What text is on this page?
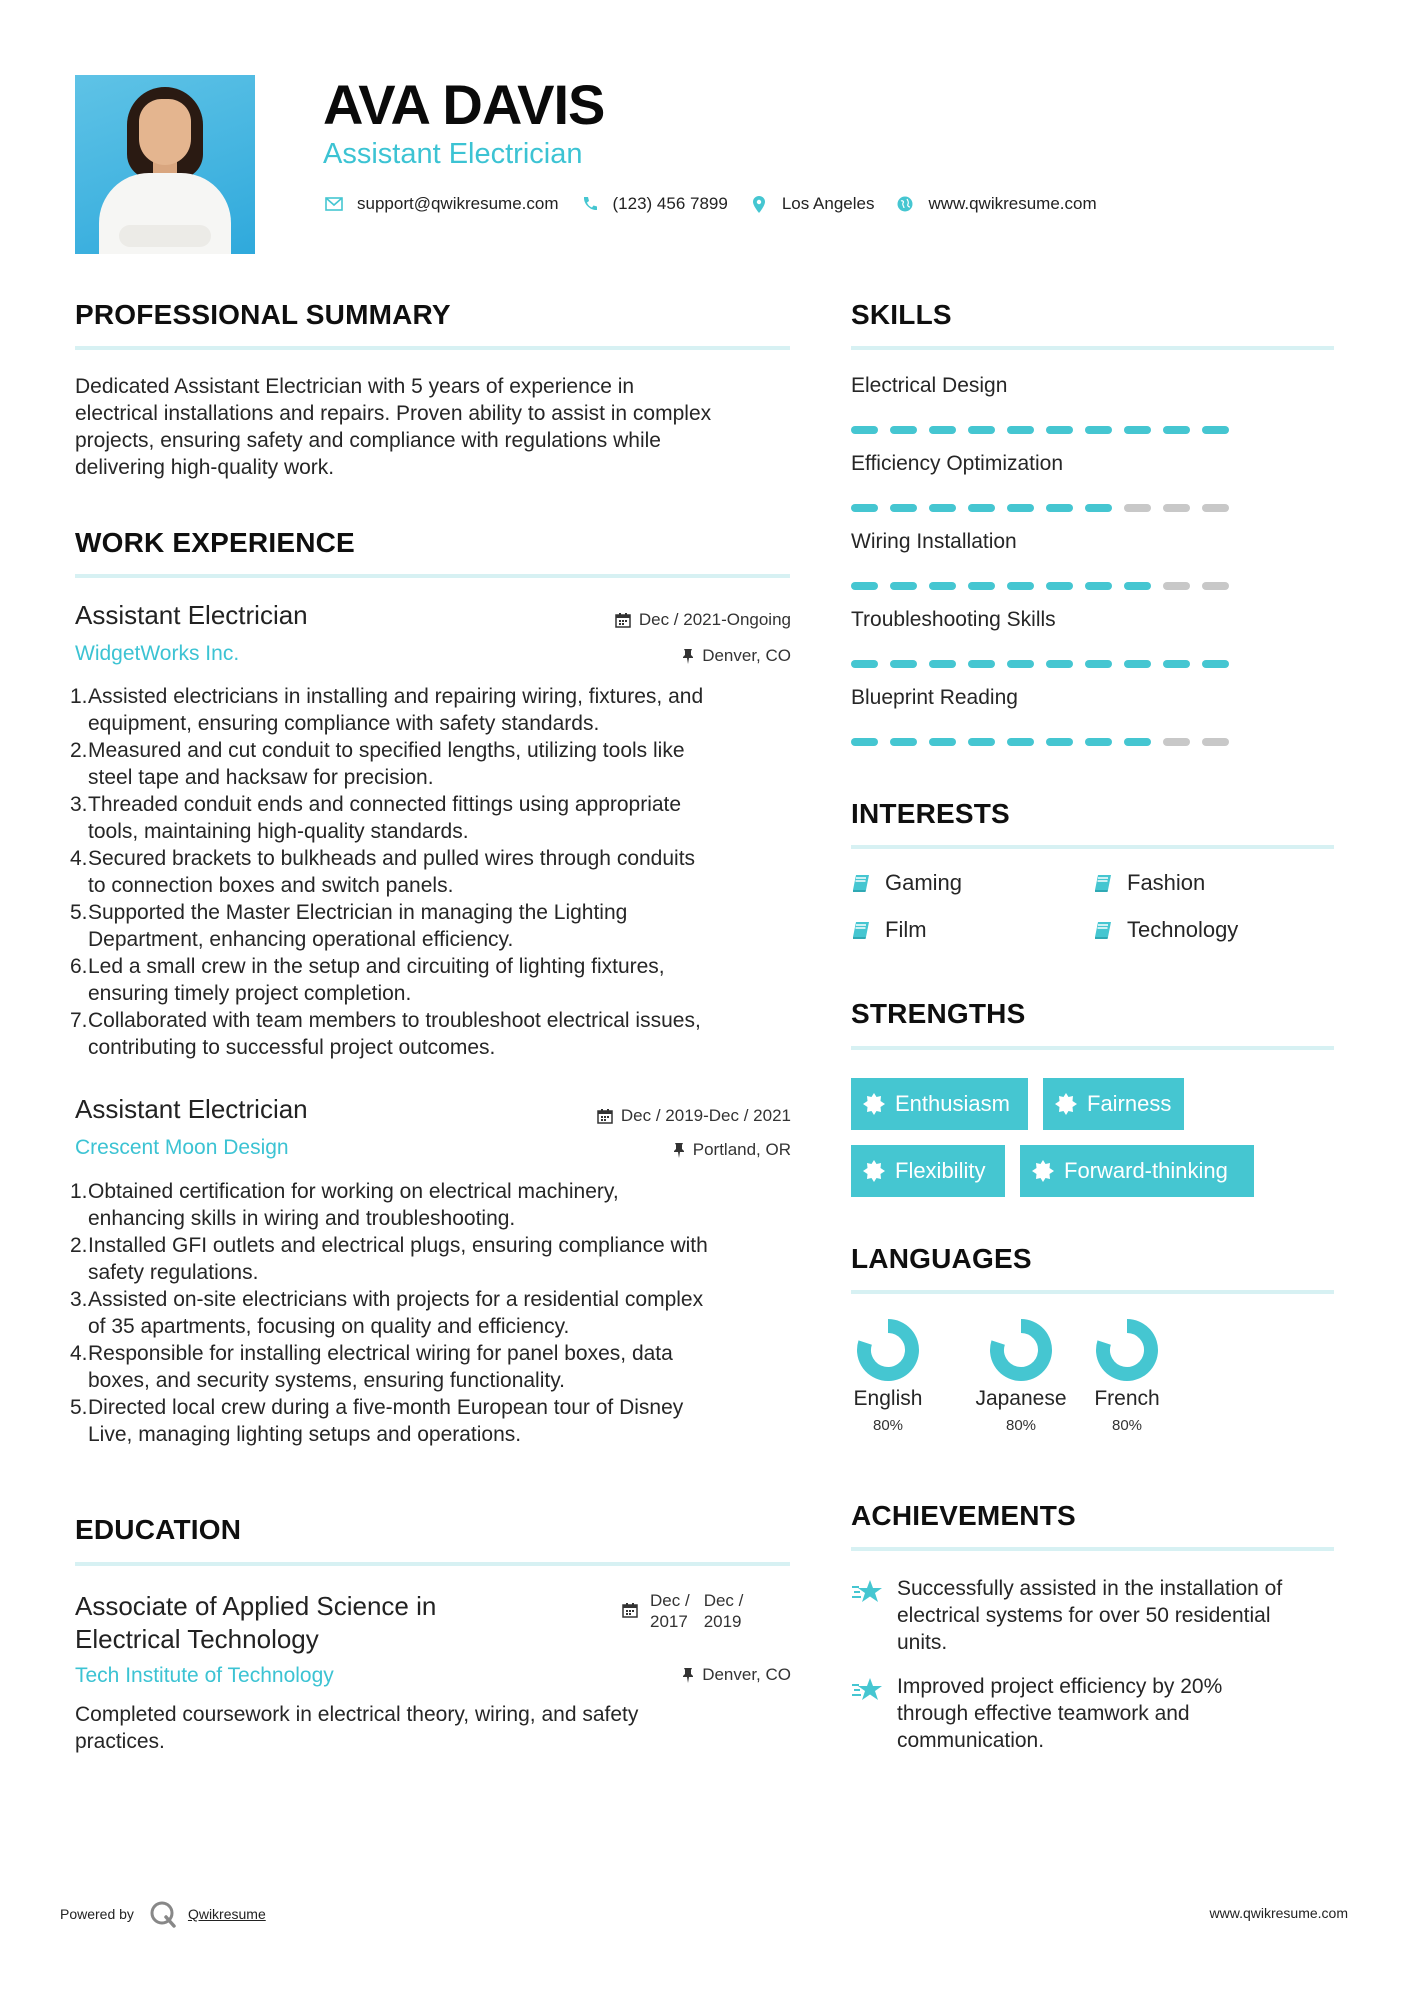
AVA DAVIS
Assistant Electrician
support@qwikresume.com	(123) 456 7899	Los Angeles	www.qwikresume.com
PROFESSIONAL SUMMARY
Dedicated Assistant Electrician with 5 years of experience in
electrical installations and repairs. Proven ability to assist in complex
projects, ensuring safety and compliance with regulations while
delivering high-quality work.
WORK EXPERIENCE
Assistant Electrician	Dec / 2021-Ongoing
WidgetWorks Inc.	Denver, CO
1. Assisted electricians in installing and repairing wiring, fixtures, and
equipment, ensuring compliance with safety standards.
2. Measured and cut conduit to specified lengths, utilizing tools like
steel tape and hacksaw for precision.
3. Threaded conduit ends and connected fittings using appropriate
tools, maintaining high-quality standards.
4. Secured brackets to bulkheads and pulled wires through conduits
to connection boxes and switch panels.
5. Supported the Master Electrician in managing the Lighting
Department, enhancing operational efficiency.
6. Led a small crew in the setup and circuiting of lighting fixtures,
ensuring timely project completion.
7. Collaborated with team members to troubleshoot electrical issues,
contributing to successful project outcomes.
Assistant Electrician	Dec / 2019-Dec / 2021
Crescent Moon Design	Portland, OR
1. Obtained certification for working on electrical machinery,
enhancing skills in wiring and troubleshooting.
2. Installed GFI outlets and electrical plugs, ensuring compliance with
safety regulations.
3. Assisted on-site electricians with projects for a residential complex
of 35 apartments, focusing on quality and efficiency.
4. Responsible for installing electrical wiring for panel boxes, data
boxes, and security systems, ensuring functionality.
5. Directed local crew during a five-month European tour of Disney
Live, managing lighting setups and operations.
EDUCATION
Associate of Applied Science in
Electrical Technology
Dec /
2017
Dec /
2019
Tech Institute of Technology	Denver, CO
Completed coursework in electrical theory, wiring, and safety
practices.
SKILLS
Electrical Design
Efficiency Optimization
Wiring Installation
Troubleshooting Skills
Blueprint Reading
INTERESTS
Gaming	Fashion
Film	Technology
STRENGTHS
Enthusiasm	Fairness
Flexibility	Forward-thinking
LANGUAGES
English
80%
Japanese
80%
French
80%
ACHIEVEMENTS
Successfully assisted in the installation of
electrical systems for over 50 residential
units.
Improved project efficiency by 20%
through effective teamwork and
communication.
Powered by	Qwikresume	www.qwikresume.com
